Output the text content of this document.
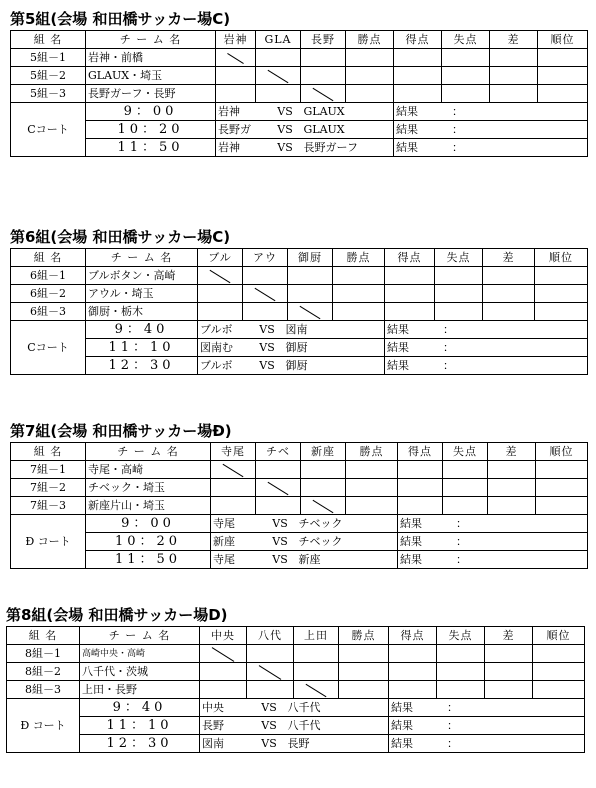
第5組(会場 和田橋サッカー場C)
組 名	チ ー ム 名	岩神	GLA	長野	勝点	得点	失点	差	順位
5組－1	岩神・前橋								
5組－2	GLAUX・埼玉								
5組－3	長野ガーフ・長野								
Cコート	9：00	岩神 VS GLAUX				結果 ：			
	10：20	長野ガ VS GLAUX				結果 ：			
	11：50	岩神 VS 長野ガーフ				結果 ：			
第6組(会場 和田橋サッカー場C)
組 名	チ ー ム 名	ブル	アウ	御厨	勝点	得点	失点	差	順位
6組－1	ブルボタン・高崎								
6組－2	アウル・埼玉								
6組－3	御厨・栃木								
Cコート	9：40	ブルボ VS 図南				結果 ：			
	11：10	図南む VS 御厨				結果 ：			
	12：30	ブルボ VS 御厨				結果 ：			
第7組(会場 和田橋サッカー場Ð)
組 名	チ ー ム 名	寺尾	チベ	新座	勝点	得点	失点	差	順位
7組－1	寺尾・高崎								
7組－2	チベック・埼玉								
7組－3	新座片山・埼玉								
Ð コート	9：00	寺尾 VS チベック				結果 ：			
	10：20	新座 VS チベック				結果 ：			
	11：50	寺尾 VS 新座				結果 ：			
第8組(会場 和田橋サッカー場D)
組 名	チ ー ム 名	中央	八代	上田	勝点	得点	失点	差	順位
8組－1	高崎中央・高崎								
8組－2	八千代・茨城								
8組－3	上田・長野								
Ð コート	9：40	中央 VS 八千代				結果 ：			
	11：10	長野 VS 八千代				結果 ：			
	12：30	図南 VS 長野				結果 ：			
